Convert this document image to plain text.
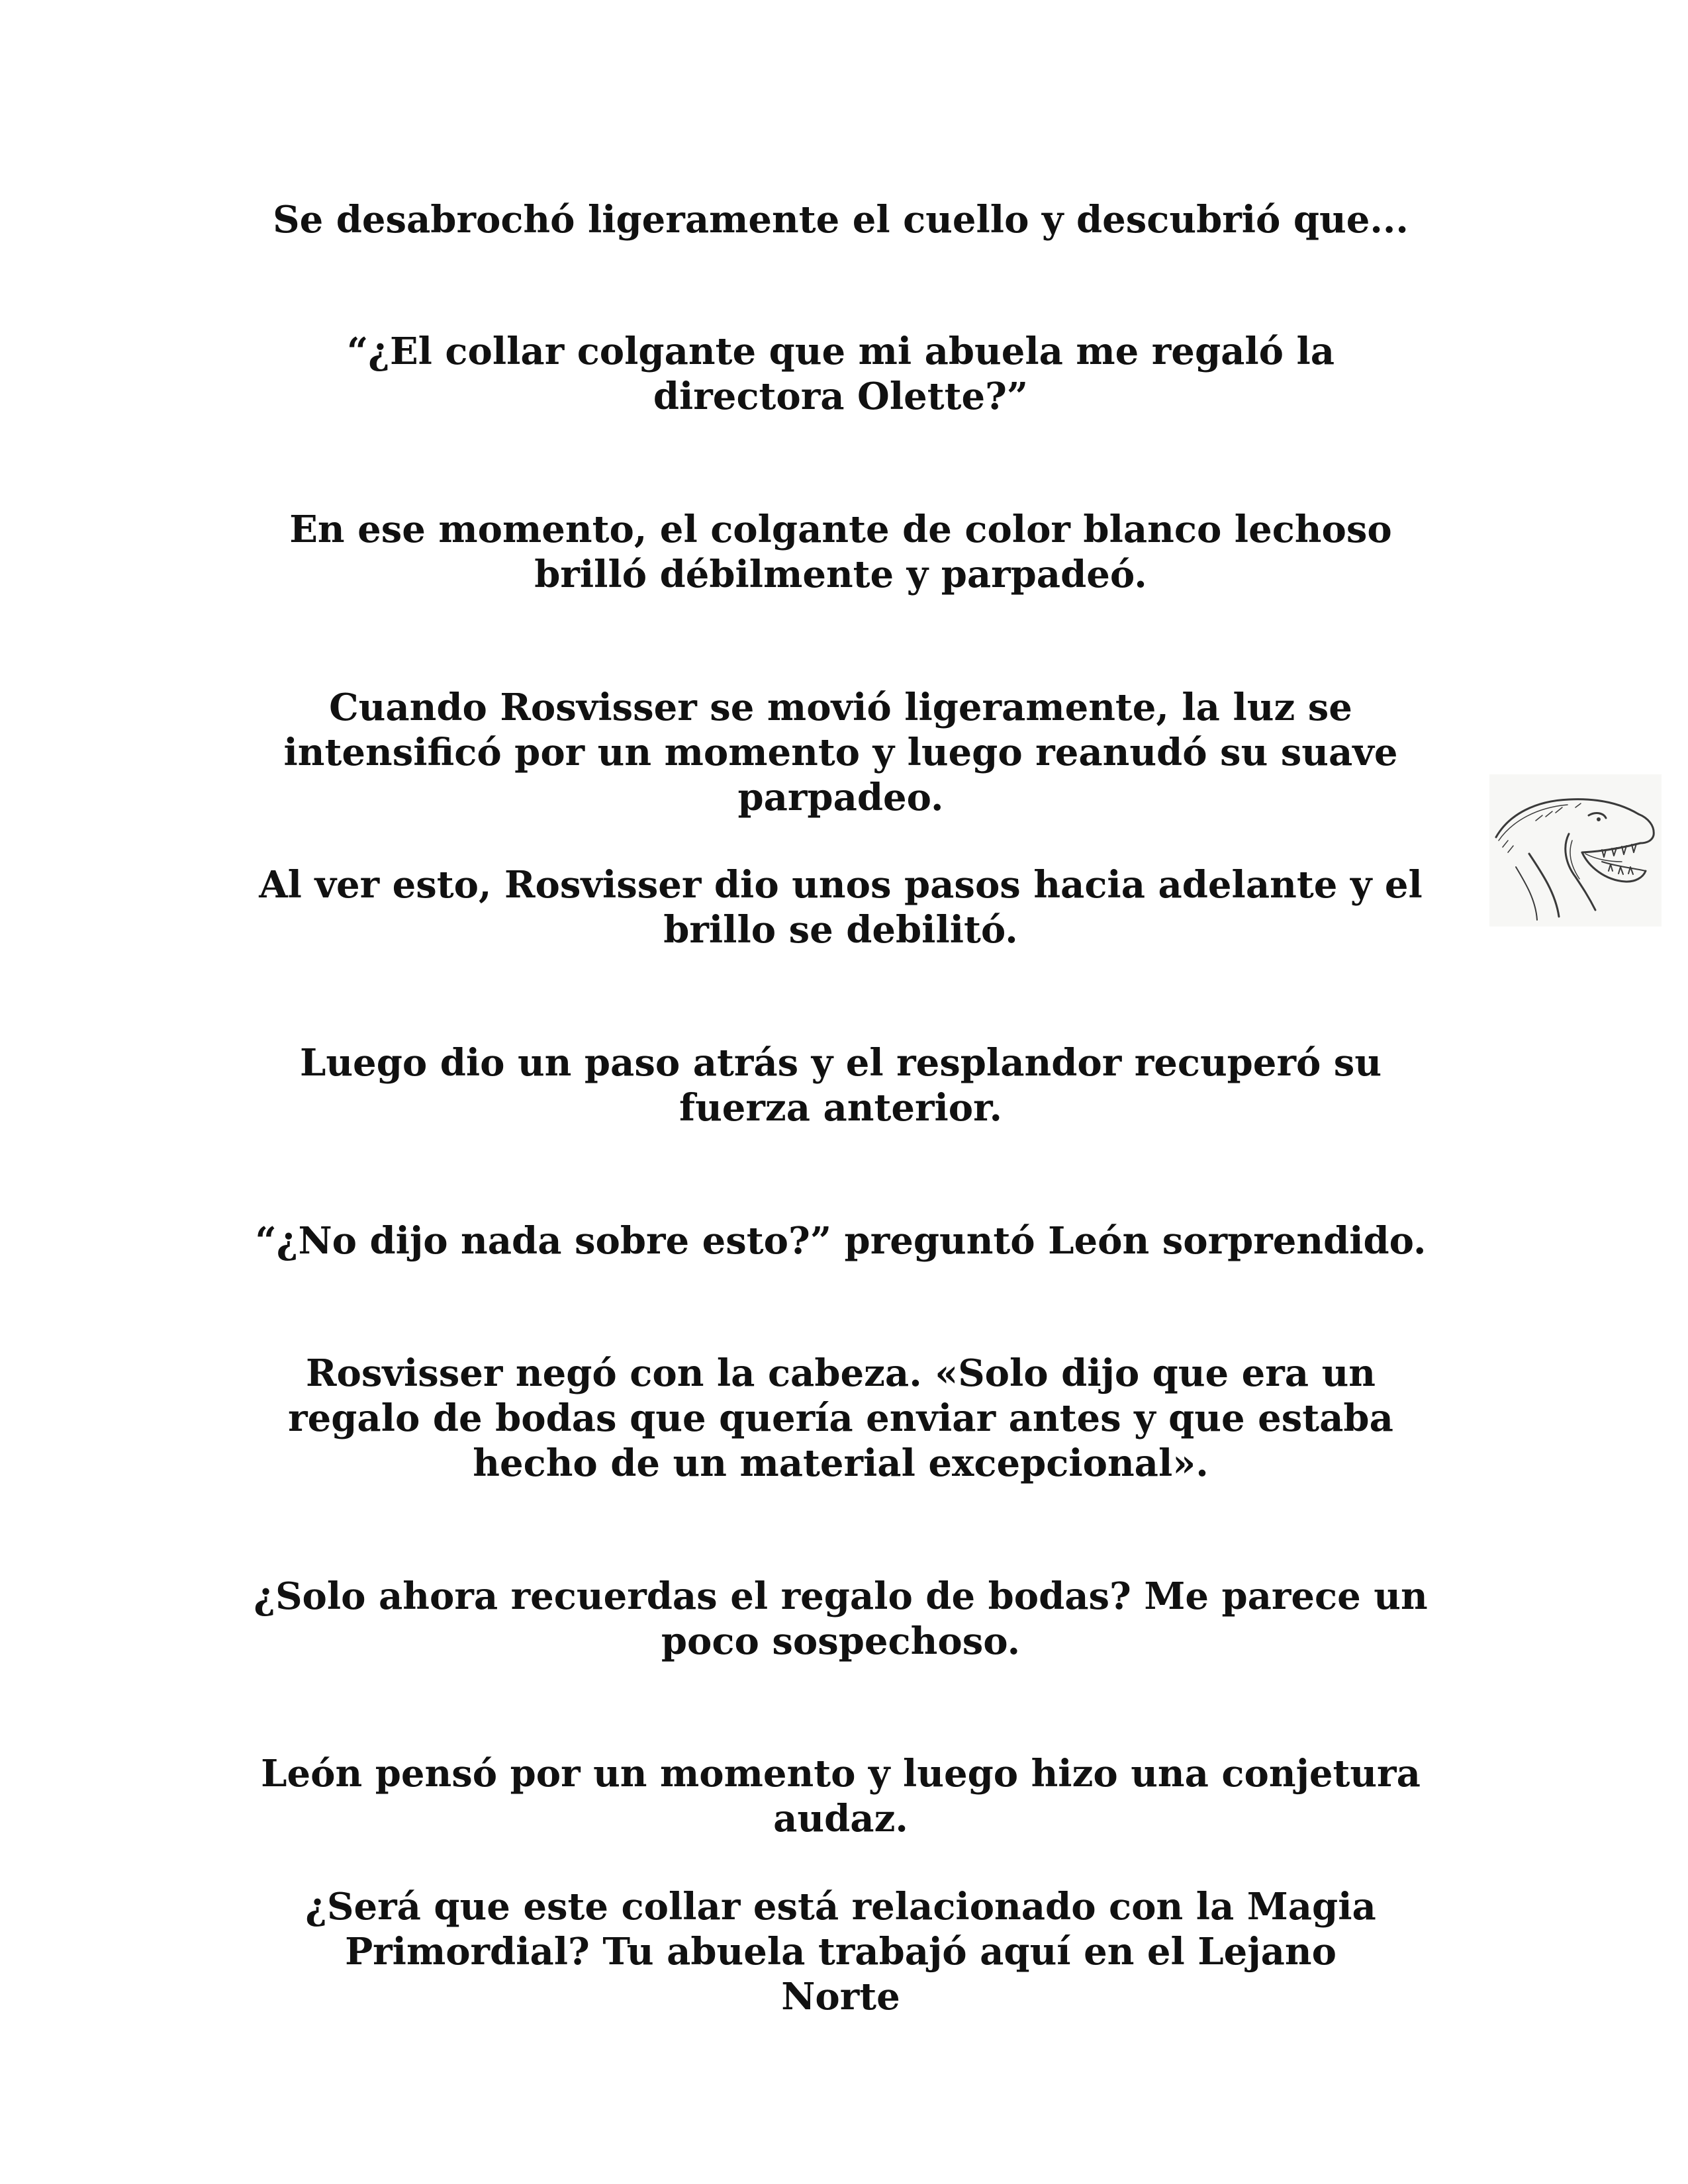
Se desabrochó ligeramente el cuello y descubrió que...

“¿El collar colgante que mi abuela me regaló la directora Olette?”

En ese momento, el colgante de color blanco lechoso brilló débilmente y parpadeó.

Cuando Rosvisser se movió ligeramente, la luz se intensificó por un momento y luego reanudó su suave parpadeo.

Al ver esto, Rosvisser dio unos pasos hacia adelante y el brillo se debilitó.

Luego dio un paso atrás y el resplandor recuperó su fuerza anterior.

“¿No dijo nada sobre esto?” preguntó León sorprendido.

Rosvisser negó con la cabeza. «Solo dijo que era un regalo de bodas que quería enviar antes y que estaba hecho de un material excepcional».

¿Solo ahora recuerdas el regalo de bodas? Me parece un poco sospechoso.

León pensó por un momento y luego hizo una conjetura audaz.

¿Será que este collar está relacionado con la Magia Primordial? Tu abuela trabajó aquí en el Lejano Norte
